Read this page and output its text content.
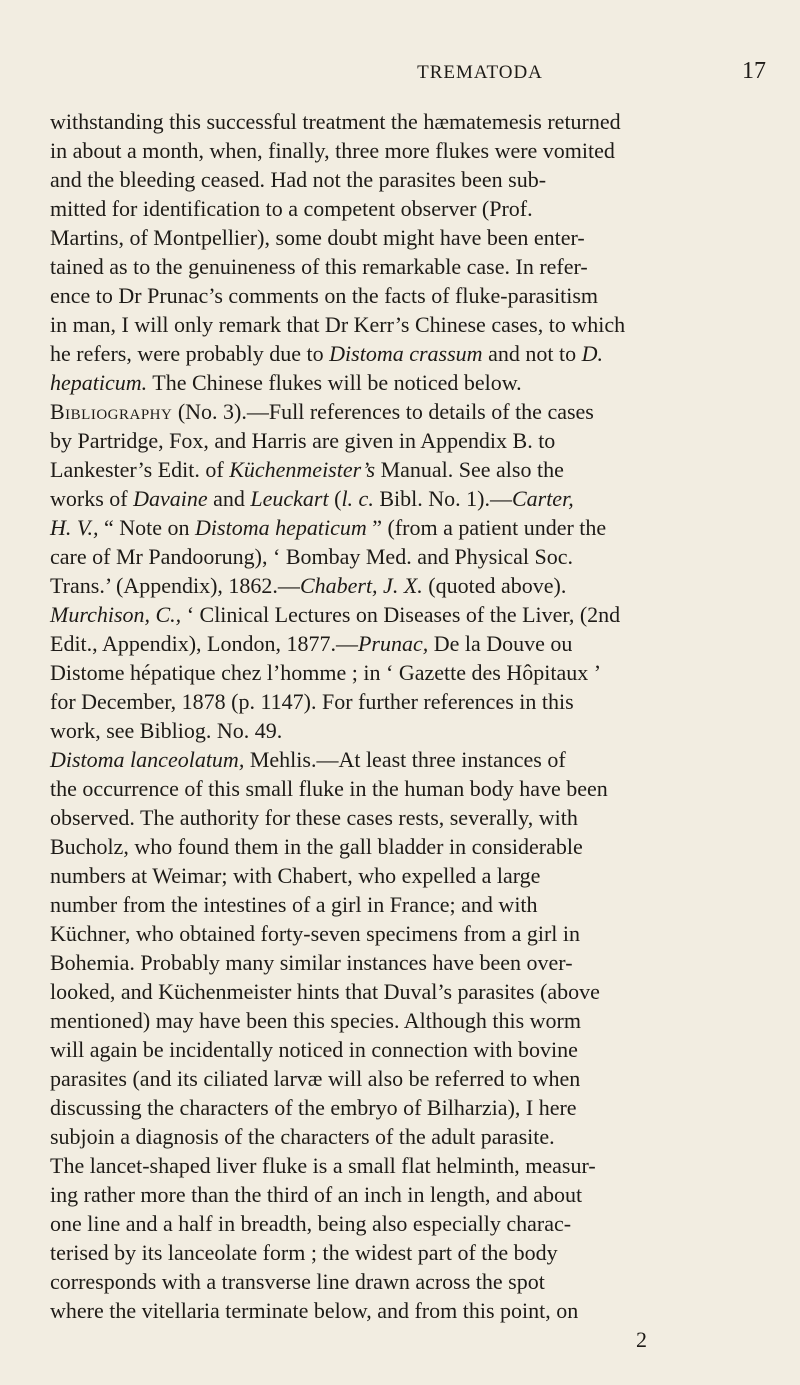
TREMATODA	17
withstanding this successful treatment the hæmatemesis returned
in about a month, when, finally, three more flukes were vomited
and the bleeding ceased. Had not the parasites been sub-
mitted for identification to a competent observer (Prof.
Martins, of Montpellier), some doubt might have been enter-
tained as to the genuineness of this remarkable case. In refer-
ence to Dr Prunac’s comments on the facts of fluke-parasitism
in man, I will only remark that Dr Kerr’s Chinese cases, to which
he refers, were probably due to Distoma crassum and not to D.
hepaticum. The Chinese flukes will be noticed below.
Bibliography (No. 3).—Full references to details of the cases
by Partridge, Fox, and Harris are given in Appendix B. to
Lankester’s Edit. of Küchenmeister’s Manual. See also the
works of Davaine and Leuckart (l. c. Bibl. No. 1).—Carter,
H. V., “ Note on Distoma hepaticum ” (from a patient under the
care of Mr Pandoorung), ‘ Bombay Med. and Physical Soc.
Trans.’ (Appendix), 1862.—Chabert, J. X. (quoted above).
Murchison, C., ‘ Clinical Lectures on Diseases of the Liver, (2nd
Edit., Appendix), London, 1877.—Prunac, De la Douve ou
Distome hépatique chez l’homme ; in ‘ Gazette des Hôpitaux ’
for December, 1878 (p. 1147). For further references in this
work, see Bibliog. No. 49.
Distoma lanceolatum, Mehlis.—At least three instances of
the occurrence of this small fluke in the human body have been
observed. The authority for these cases rests, severally, with
Bucholz, who found them in the gall bladder in considerable
numbers at Weimar; with Chabert, who expelled a large
number from the intestines of a girl in France; and with
Küchner, who obtained forty-seven specimens from a girl in
Bohemia. Probably many similar instances have been over-
looked, and Küchenmeister hints that Duval’s parasites (above
mentioned) may have been this species. Although this worm
will again be incidentally noticed in connection with bovine
parasites (and its ciliated larvæ will also be referred to when
discussing the characters of the embryo of Bilharzia), I here
subjoin a diagnosis of the characters of the adult parasite.
The lancet-shaped liver fluke is a small flat helminth, measur-
ing rather more than the third of an inch in length, and about
one line and a half in breadth, being also especially charac-
terised by its lanceolate form ; the widest part of the body
corresponds with a transverse line drawn across the spot
where the vitellaria terminate below, and from this point, on
2
